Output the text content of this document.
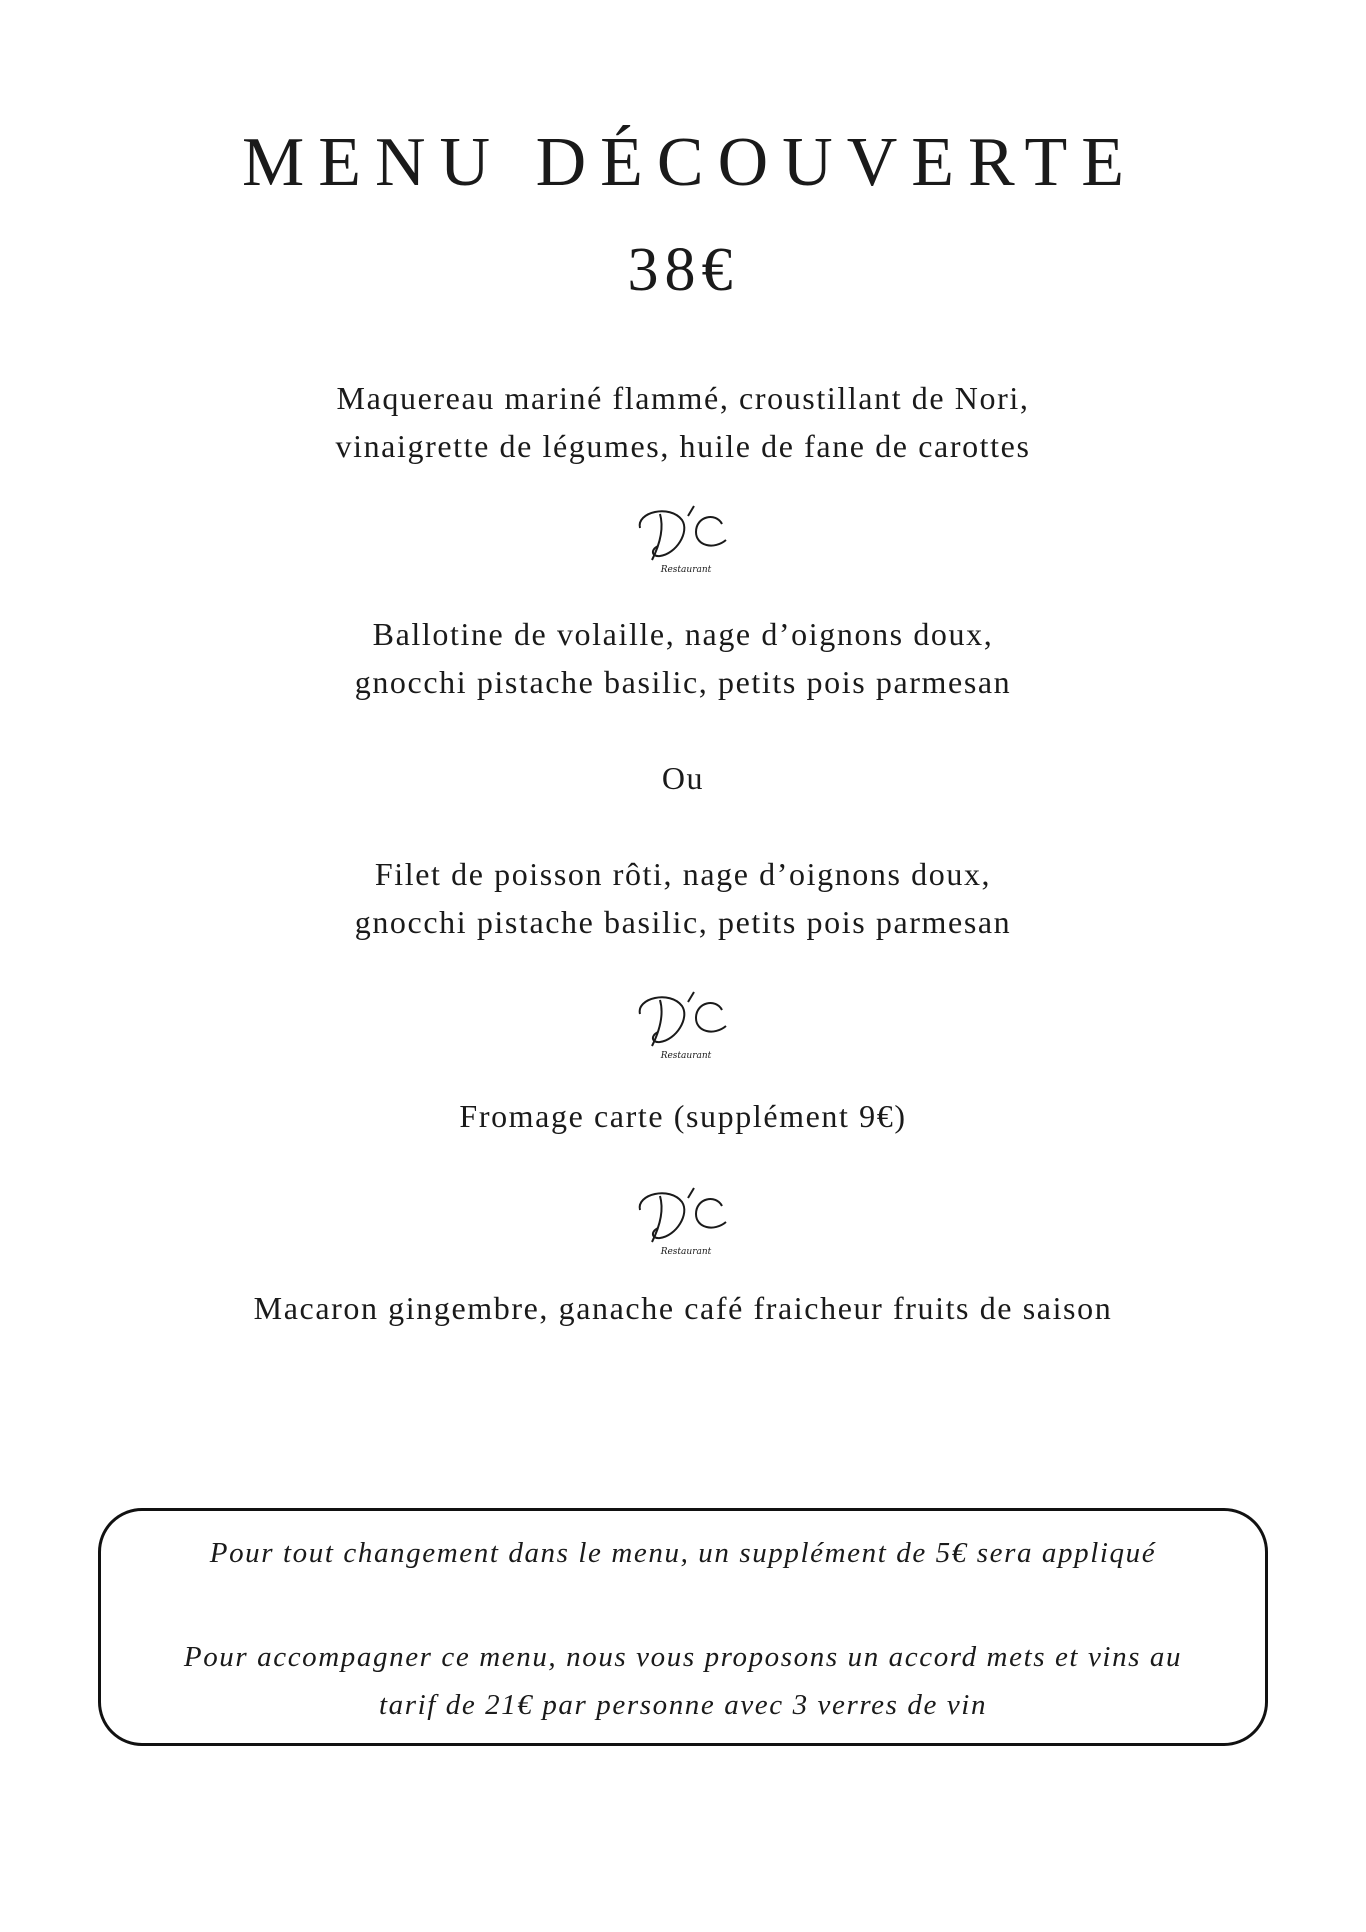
MENU DÉCOUVERTE
38€
Maquereau mariné flammé, croustillant de Nori,
vinaigrette de légumes, huile de fane de carottes
Restaurant
Ballotine de volaille, nage d’oignons doux,
gnocchi pistache basilic, petits pois parmesan
Ou
Filet de poisson rôti, nage d’oignons doux,
gnocchi pistache basilic, petits pois parmesan
Restaurant
Fromage carte (supplément 9€)
Restaurant
Macaron gingembre, ganache café fraicheur fruits de saison
Pour tout changement dans le menu, un supplément de 5€ sera appliqué
Pour accompagner ce menu, nous vous proposons un accord mets et vins au
tarif de 21€ par personne avec 3 verres de vin
